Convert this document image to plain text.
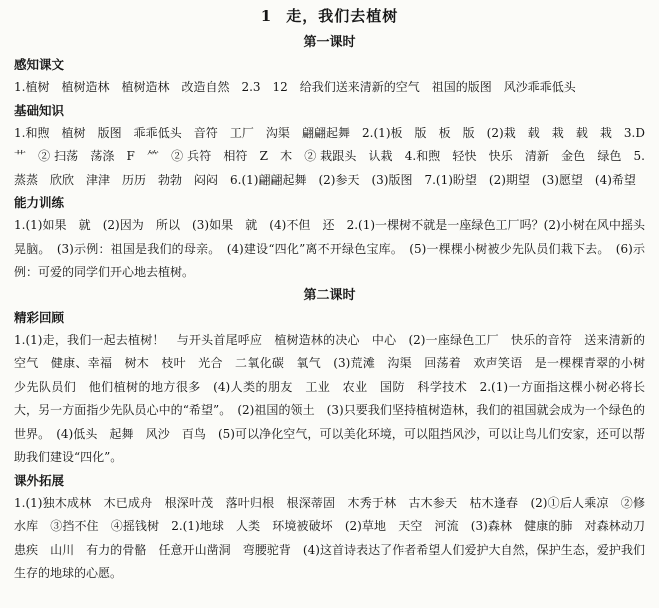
1 走，我们去植树
第一课时
感知课文

1.植树　植树造林　植树造林　改造自然　2.3　12　给我们送来清新的空气　祖国的版图　风沙乖乖低头

基础知识

1.和煦　植树　版图　乖乖低头　音符　工厂　沟渠　翩翩起舞　2.(1)板　版　板　版　(2)栽　载　栽　载　栽　3.D　艹　② 扫荡　荡涤　F　⺮　② 兵符　相符　Z　木　② 栽跟头　认栽　4.和煦　轻快　快乐　清新　金色　绿色　5.蒸蒸　欣欣　津津　历历　勃勃　闷闷　6.(1)翩翩起舞　(2)参天　(3)版图　7.(1)盼望　(2)期望　(3)愿望　(4)希望

能力训练

1.(1)如果　就　(2)因为　所以　(3)如果　就　(4)不但　还　2.(1)一棵树不就是一座绿色工厂吗？(2)小树在风中摇头晃脑。　(3)示例：祖国是我们的母亲。　(4)建设“四化”离不开绿色宝库。　(5)一棵棵小树被少先队员们栽下去。　(6)示例：可爱的同学们开心地去植树。

第二课时
精彩回顾

1.(1)走，我们一起去植树！　与开头首尾呼应　植树造林的决心　中心　(2)一座绿色工厂　快乐的音符　送来清新的空气　健康、幸福　树木　枝叶　光合　二氧化碳　氧气　(3)荒滩　沟渠　回荡着　欢声笑语　是一棵棵青翠的小树　少先队员们　他们植树的地方很多　(4)人类的朋友　工业　农业　国防　科学技术　2.(1)一方面指这棵小树必将长大，另一方面指少先队员心中的“希望”。　(2)祖国的领土　(3)只要我们坚持植树造林，我们的祖国就会成为一个绿色的世界。　(4)低头　起舞　风沙　百鸟　(5)可以净化空气，可以美化环境，可以阻挡风沙，可以让鸟儿们安家，还可以帮助我们建设“四化”。

课外拓展

1.(1)独木成林　木已成舟　根深叶茂　落叶归根　根深蒂固　木秀于林　古木参天　枯木逢春　(2)①后人乘凉　②修水库　③挡不住　④摇钱树　2.(1)地球　人类　环境被破坏　(2)草地　天空　河流　(3)森林　健康的肺　对森林动刀　患疾　山川　有力的骨骼　任意开山凿洞　弯腰驼背　(4)这首诗表达了作者希望人们爱护大自然，保护生态，爱护我们生存的地球的心愿。
